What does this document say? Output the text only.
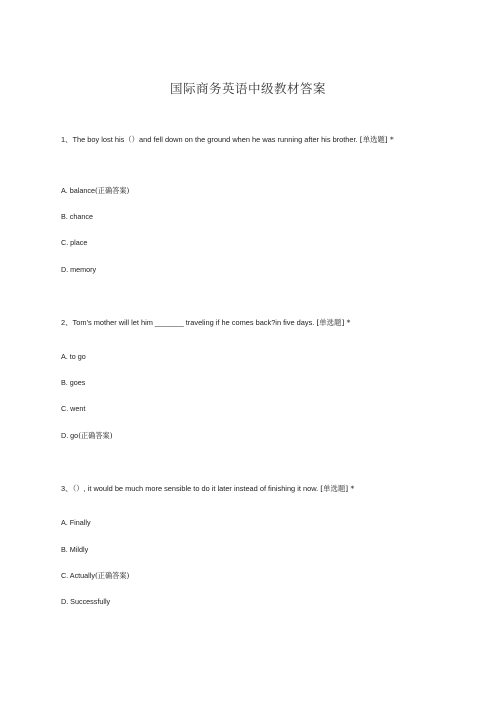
国际商务英语中级教材答案

1、The boy lost his（）and fell down on the ground when he was running after his brother. [单选题] *

A. balance(正确答案)
B. chance
C. place
D. memory

2、Tom’s mother will let him _______ traveling if he comes back?in five days. [单选题] *

A. to go
B. goes
C. went
D. go(正确答案)

3、（）, it would be much more sensible to do it later instead of finishing it now. [单选题] *

A. Finally
B. Mildly
C. Actually(正确答案)
D. Successfully
